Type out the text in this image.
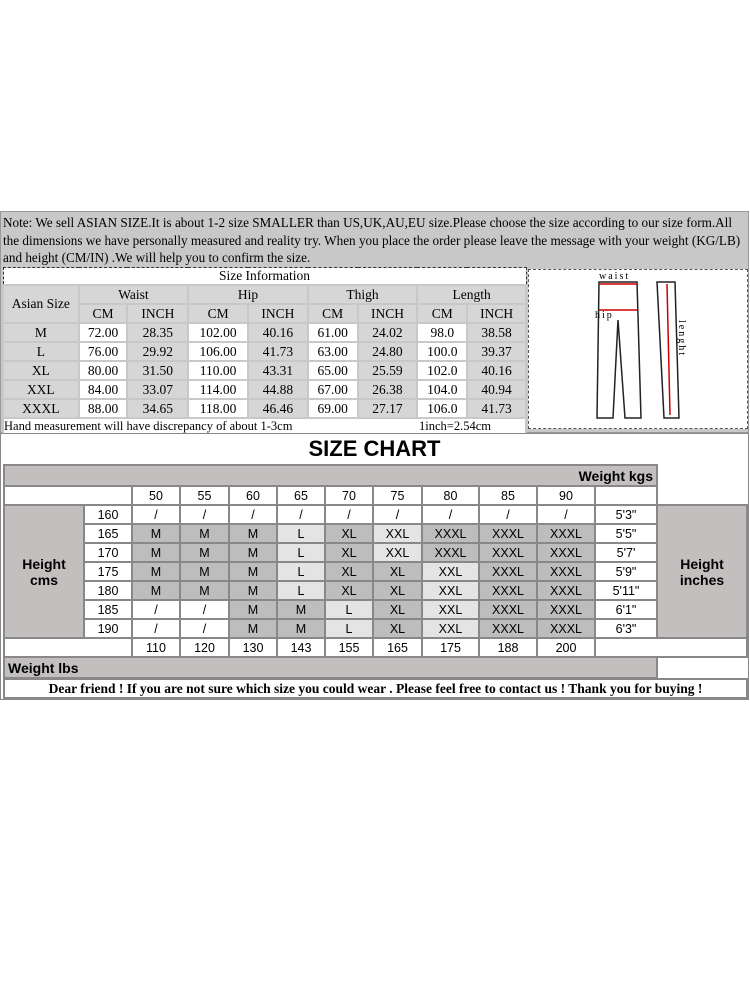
Note: We sell ASIAN SIZE.It is about 1-2 size SMALLER than US,UK,AU,EU size.Please choose the size according to our size form.All the dimensions we have personally measured and reality try. When you place the order please leave the message with your weight (KG/LB) and height (CM/IN) .We will help you to confirm the size.
Size Information								
Asian Size	Waist		Hip		Thigh		Length	
	CM	INCH	CM	INCH	CM	INCH	CM	INCH
M	72.00	28.35	102.00	40.16	61.00	24.02	98.0	38.58
L	76.00	29.92	106.00	41.73	63.00	24.80	100.0	39.37
XL	80.00	31.50	110.00	43.31	65.00	25.59	102.0	40.16
XXL	84.00	33.07	114.00	44.88	67.00	26.38	104.0	40.94
XXXL	88.00	34.65	118.00	46.46	69.00	27.17	106.0	41.73
Hand measurement will have discrepancy of about 1-3cm 1inch=2.54cm								
waist
hip
lenght
SIZE CHART
Weight kgs												
		50	55	60	65	70	75	80	85	90		
Height
cms	160	/	/	/	/	/	/	/	/	/	5'3"	Height
inches
	165	M	M	M	L	XL	XXL	XXXL	XXXL	XXXL	5'5"	
	170	M	M	M	L	XL	XXL	XXXL	XXXL	XXXL	5'7'	
	175	M	M	M	L	XL	XL	XXL	XXXL	XXXL	5'9"	
	180	M	M	M	L	XL	XL	XXL	XXXL	XXXL	5'11"	
	185	/	/	M	M	L	XL	XXL	XXXL	XXXL	6'1"	
	190	/	/	M	M	L	XL	XXL	XXXL	XXXL	6'3"	
		110	120	130	143	155	165	175	188	200		
Weight lbs												
Dear friend ! If you are not sure which size you could wear . Please feel free to contact us ! Thank you for buying !
